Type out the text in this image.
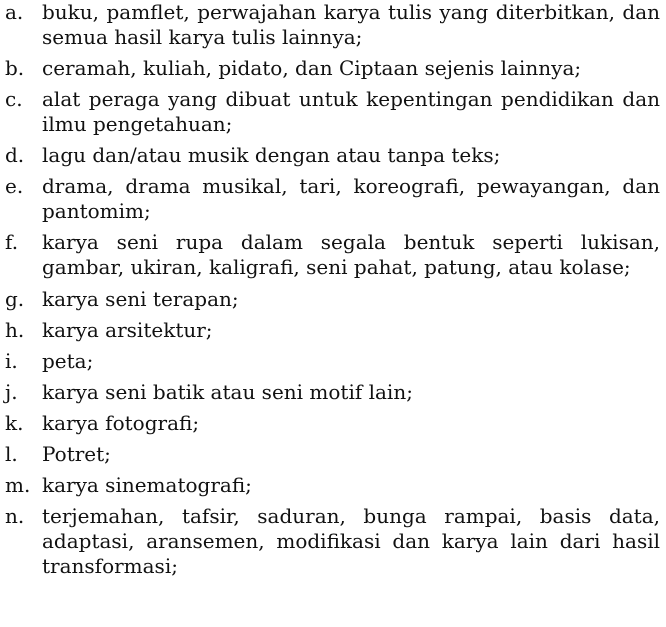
a. buku, pamflet, perwajahan karya tulis yang diterbitkan, dan semua hasil karya tulis lainnya;
b. ceramah, kuliah, pidato, dan Ciptaan sejenis lainnya;
c. alat peraga yang dibuat untuk kepentingan pendidikan dan ilmu pengetahuan;
d. lagu dan/atau musik dengan atau tanpa teks;
e. drama, drama musikal, tari, koreografi, pewayangan, dan pantomim;
f.	karya seni rupa dalam segala bentuk seperti lukisan, gambar, ukiran, kaligrafi, seni pahat, patung, atau kolase;
g. karya seni terapan;
h. karya arsitektur;
i.	peta;
j.	karya seni batik atau seni motif lain;
k. karya fotografi;
l.	Potret;
m. karya sinematografi;
n. terjemahan, tafsir, saduran, bunga rampai, basis data, adaptasi, aransemen, modifikasi dan karya lain dari hasil transformasi;
